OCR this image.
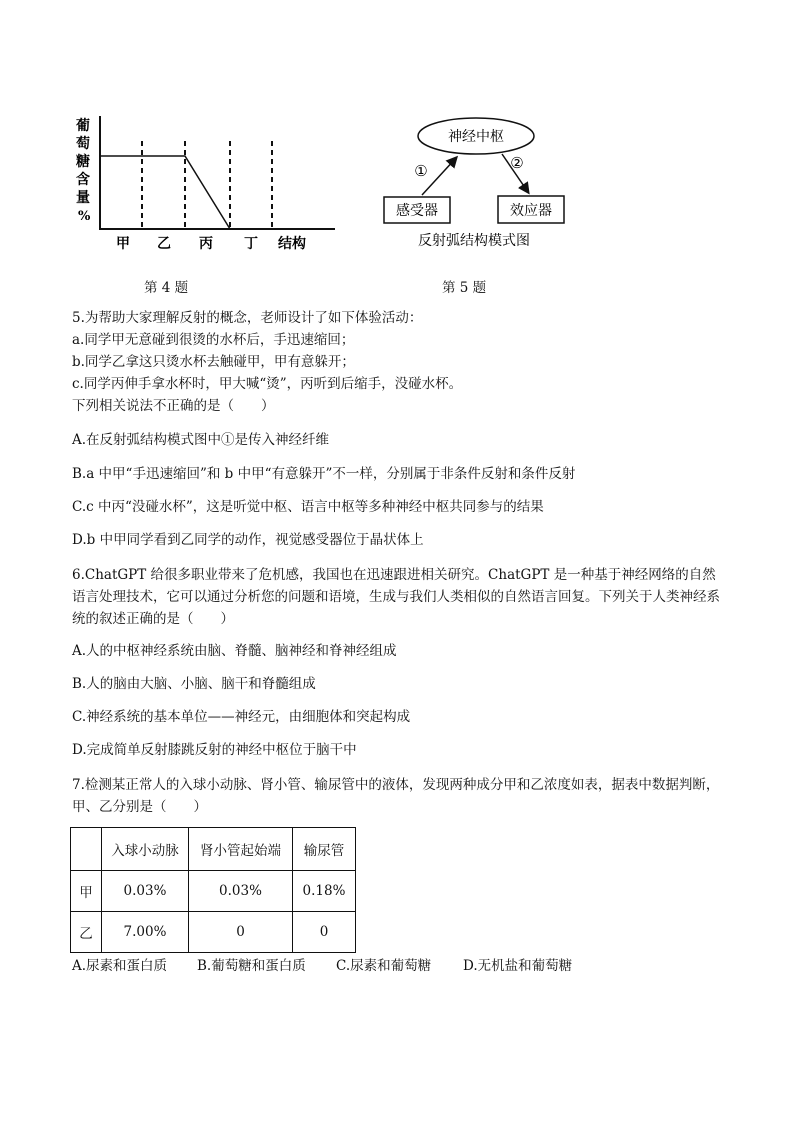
葡
萄
糖
含
量
%
甲 乙 丙 丁 结构
神经中枢
感受器	效应器
①	②
反射弧结构模式图
第 4 题	第 5 题
5.为帮助大家理解反射的概念，老师设计了如下体验活动：
a.同学甲无意碰到很烫的水杯后，手迅速缩回；
b.同学乙拿这只烫水杯去触碰甲，甲有意躲开；
c.同学丙伸手拿水杯时，甲大喊“烫”，丙听到后缩手，没碰水杯。
下列相关说法不正确的是（　　）
A.在反射弧结构模式图中①是传入神经纤维
B.a 中甲“手迅速缩回”和 b 中甲“有意躲开”不一样，分别属于非条件反射和条件反射
C.c 中丙“没碰水杯”，这是听觉中枢、语言中枢等多种神经中枢共同参与的结果
D.b 中甲同学看到乙同学的动作，视觉感受器位于晶状体上
6.ChatGPT 给很多职业带来了危机感，我国也在迅速跟进相关研究。ChatGPT 是一种基于神经网络的自然语言处理技术，它可以通过分析您的问题和语境，生成与我们人类相似的自然语言回复。下列关于人类神经系统的叙述正确的是（　　）
A.人的中枢神经系统由脑、脊髓、脑神经和脊神经组成
B.人的脑由大脑、小脑、脑干和脊髓组成
C.神经系统的基本单位——神经元，由细胞体和突起构成
D.完成简单反射膝跳反射的神经中枢位于脑干中
7.检测某正常人的入球小动脉、肾小管、输尿管中的液体，发现两种成分甲和乙浓度如表，据表中数据判断，甲、乙分别是（　　）
	入球小动脉	肾小管起始端	输尿管
甲	0.03%	0.03%	0.18%
乙	7.00%	0	0
A.尿素和蛋白质 B.葡萄糖和蛋白质 C.尿素和葡萄糖 D.无机盐和葡萄糖
